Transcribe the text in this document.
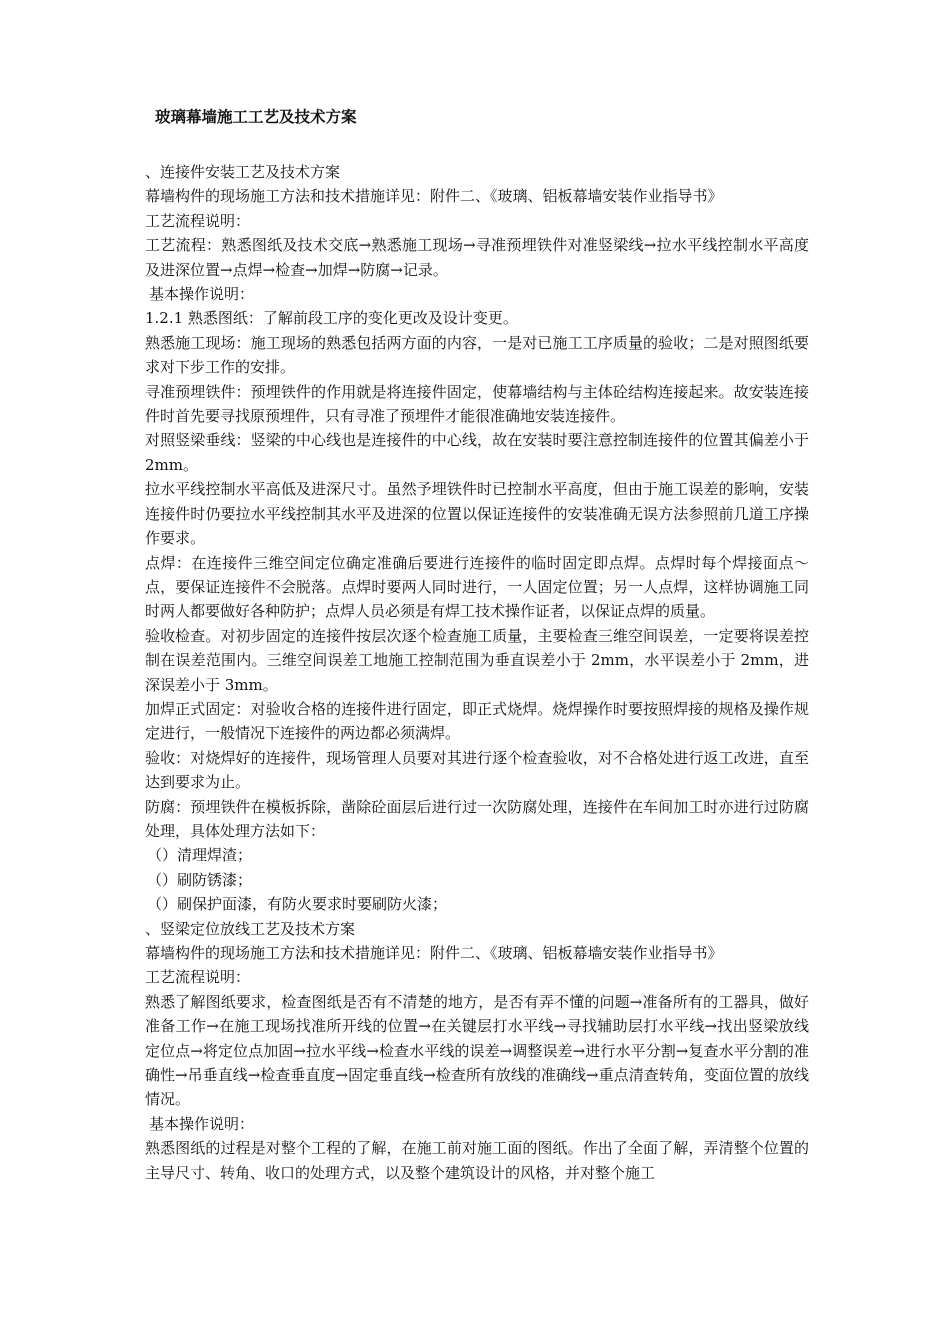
玻璃幕墙施工工艺及技术方案

、连接件安装工艺及技术方案

幕墙构件的现场施工方法和技术措施详见：附件二、《玻璃、铝板幕墙安装作业指导书》

工艺流程说明：

工艺流程：熟悉图纸及技术交底→熟悉施工现场→寻准预埋铁件对准竖梁线→拉水平线控制水平高度及进深位置→点焊→检查→加焊→防腐→记录。

基本操作说明：

1.2.1 熟悉图纸：了解前段工序的变化更改及设计变更。

熟悉施工现场：施工现场的熟悉包括两方面的内容，一是对已施工工序质量的验收；二是对照图纸要求对下步工作的安排。

寻准预埋铁件：预埋铁件的作用就是将连接件固定，使幕墙结构与主体砼结构连接起来。故安装连接件时首先要寻找原预埋件，只有寻准了预埋件才能很准确地安装连接件。

对照竖梁垂线：竖梁的中心线也是连接件的中心线，故在安装时要注意控制连接件的位置其偏差小于 2mm。

拉水平线控制水平高低及进深尺寸。虽然予埋铁件时已控制水平高度，但由于施工误差的影响，安装连接件时仍要拉水平线控制其水平及进深的位置以保证连接件的安装准确无误方法参照前几道工序操作要求。

点焊：在连接件三维空间定位确定准确后要进行连接件的临时固定即点焊。点焊时每个焊接面点～点，要保证连接件不会脱落。点焊时要两人同时进行，一人固定位置；另一人点焊，这样协调施工同时两人都要做好各种防护；点焊人员必须是有焊工技术操作证者，以保证点焊的质量。

验收检查。对初步固定的连接件按层次逐个检查施工质量，主要检查三维空间误差，一定要将误差控制在误差范围内。三维空间误差工地施工控制范围为垂直误差小于 2mm，水平误差小于 2mm，进深误差小于 3mm。

加焊正式固定：对验收合格的连接件进行固定，即正式烧焊。烧焊操作时要按照焊接的规格及操作规定进行，一般情况下连接件的两边都必须满焊。

验收：对烧焊好的连接件，现场管理人员要对其进行逐个检查验收，对不合格处进行返工改进，直至达到要求为止。

防腐：预埋铁件在模板拆除，凿除砼面层后进行过一次防腐处理，连接件在车间加工时亦进行过防腐处理，具体处理方法如下：

（）清理焊渣；

（）刷防锈漆；

（）刷保护面漆，有防火要求时要刷防火漆；

、竖梁定位放线工艺及技术方案

幕墙构件的现场施工方法和技术措施详见：附件二、《玻璃、铝板幕墙安装作业指导书》

工艺流程说明：

熟悉了解图纸要求，检查图纸是否有不清楚的地方，是否有弄不懂的问题→准备所有的工器具，做好准备工作→在施工现场找准所开线的位置→在关键层打水平线→寻找辅助层打水平线→找出竖梁放线定位点→将定位点加固→拉水平线→检查水平线的误差→调整误差→进行水平分割→复查水平分割的准确性→吊垂直线→检查垂直度→固定垂直线→检查所有放线的准确线→重点清查转角，变面位置的放线情况。

基本操作说明：

熟悉图纸的过程是对整个工程的了解，在施工前对施工面的图纸。作出了全面了解，弄清整个位置的主导尺寸、转角、收口的处理方式，以及整个建筑设计的风格，并对整个施工
